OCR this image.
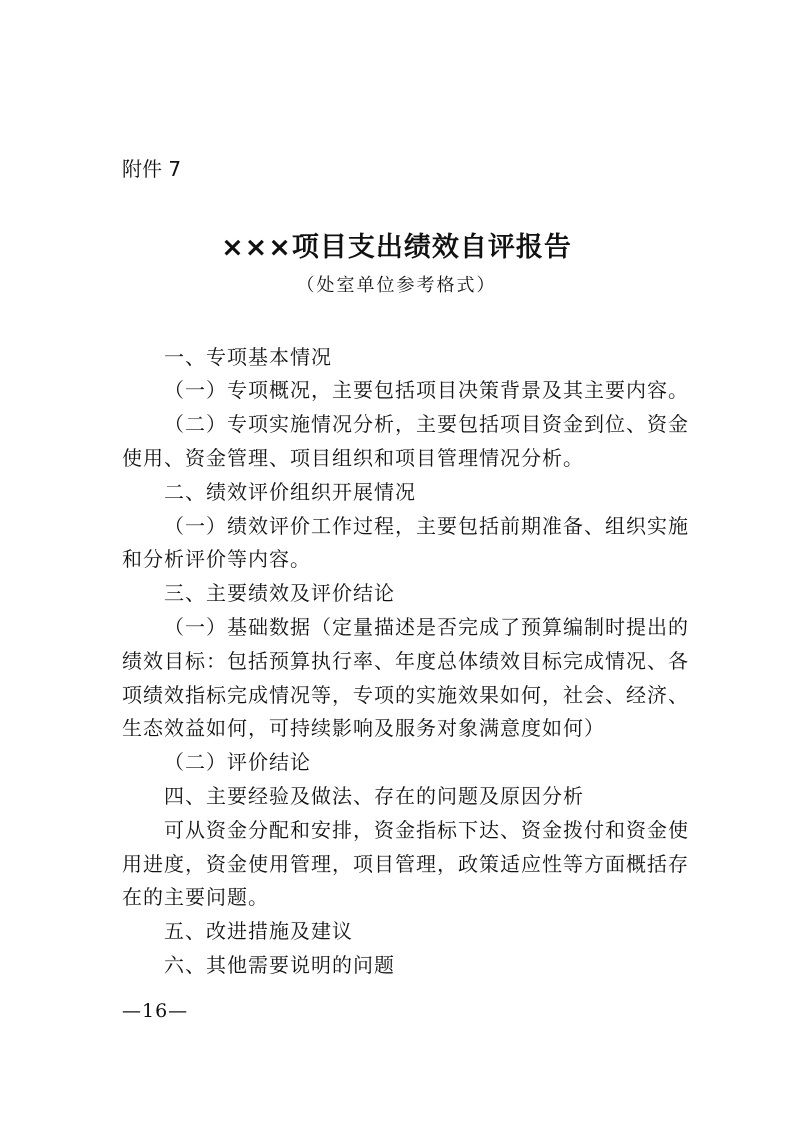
附件 7
×××项目支出绩效自评报告
（处室单位参考格式）
一、专项基本情况
（一）专项概况，主要包括项目决策背景及其主要内容。
（二）专项实施情况分析，主要包括项目资金到位、资金
使用、资金管理、项目组织和项目管理情况分析。
二、绩效评价组织开展情况
（一）绩效评价工作过程，主要包括前期准备、组织实施
和分析评价等内容。
三、主要绩效及评价结论
（一）基础数据（定量描述是否完成了预算编制时提出的
绩效目标：包括预算执行率、年度总体绩效目标完成情况、各
项绩效指标完成情况等，专项的实施效果如何，社会、经济、
生态效益如何，可持续影响及服务对象满意度如何）
（二）评价结论
四、主要经验及做法、存在的问题及原因分析
可从资金分配和安排，资金指标下达、资金拨付和资金使
用进度，资金使用管理，项目管理，政策适应性等方面概括存
在的主要问题。
五、改进措施及建议
六、其他需要说明的问题
—16—
